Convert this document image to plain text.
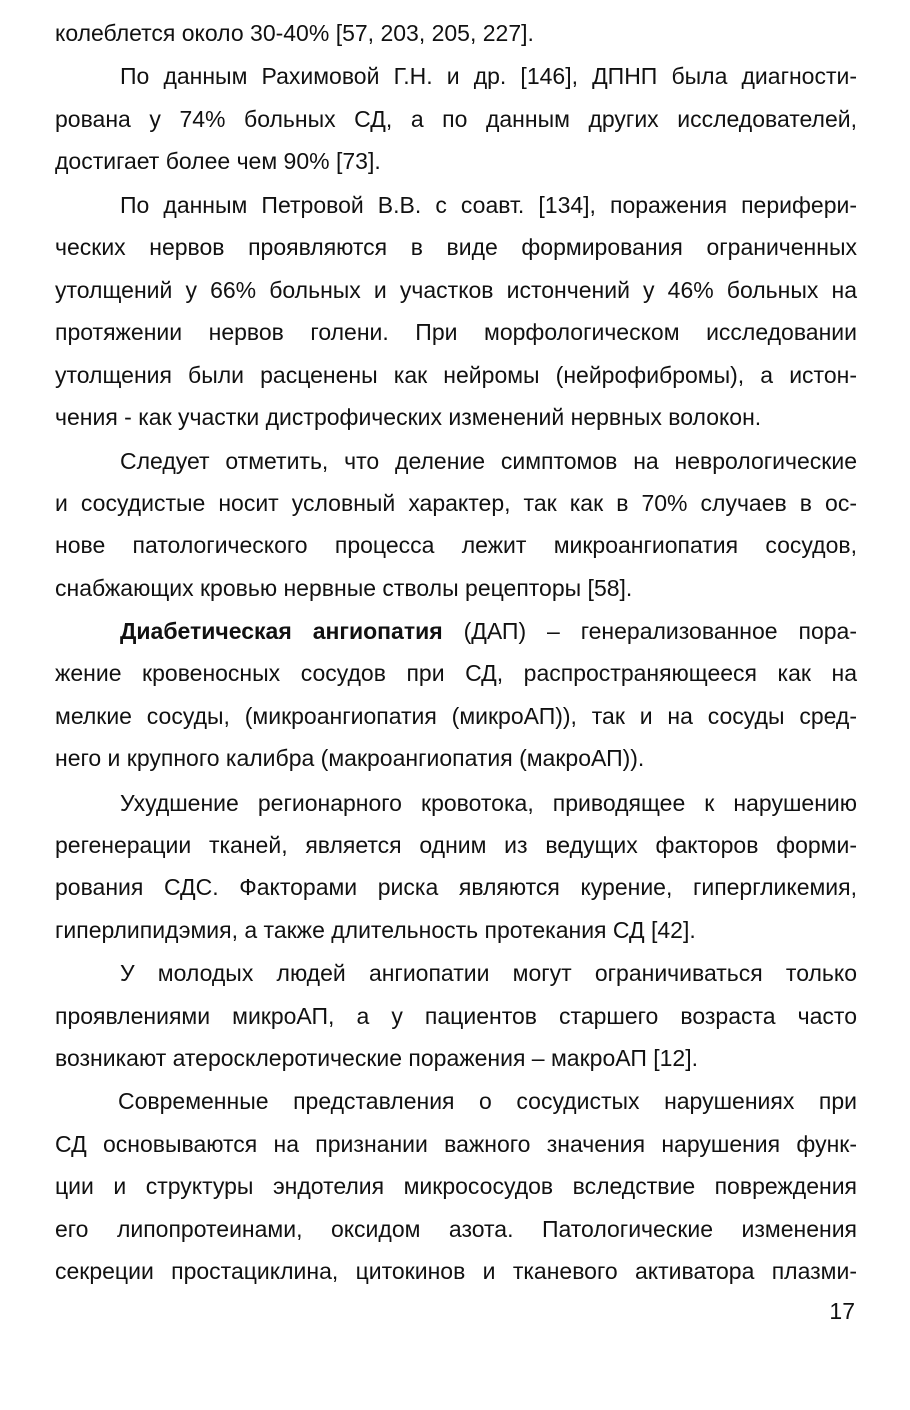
колеблется около 30-40% [57, 203, 205, 227].
По данным Рахимовой Г.Н. и др. [146], ДПНП была диагности-
рована у 74% больных СД, а по данным других исследователей,
достигает более чем 90% [73].
По данным Петровой В.В. с соавт. [134], поражения перифери-
ческих нервов проявляются в виде формирования ограниченных
утолщений у 66% больных и участков истончений у 46% больных на
протяжении нервов голени. При морфологическом исследовании
утолщения были расценены как нейромы (нейрофибромы), а истон-
чения - как участки дистрофических изменений нервных волокон.
Следует отметить, что деление симптомов на неврологические
и сосудистые носит условный характер, так как в 70% случаев в ос-
нове патологического процесса лежит микроангиопатия сосудов,
снабжающих кровью нервные стволы рецепторы [58].
Диабетическая ангиопатия (ДАП) – генерализованное пора-
жение кровеносных сосудов при СД, распространяющееся как на
мелкие сосуды, (микроангиопатия (микроАП)), так и на сосуды сред-
него и крупного калибра (макроангиопатия (макроАП)).
Ухудшение регионарного кровотока, приводящее к нарушению
регенерации тканей, является одним из ведущих факторов форми-
рования СДС. Факторами риска являются курение, гипергликемия,
гиперлипидэмия, а также длительность протекания СД [42].
У молодых людей ангиопатии могут ограничиваться только
проявлениями микроАП, а у пациентов старшего возраста часто
возникают атеросклеротические поражения – макроАП [12].
Современные представления о сосудистых нарушениях при
СД основываются на признании важного значения нарушения функ-
ции и структуры эндотелия микрососудов вследствие повреждения
его липопротеинами, оксидом азота. Патологические изменения
секреции простациклина, цитокинов и тканевого активатора плазми-
17
